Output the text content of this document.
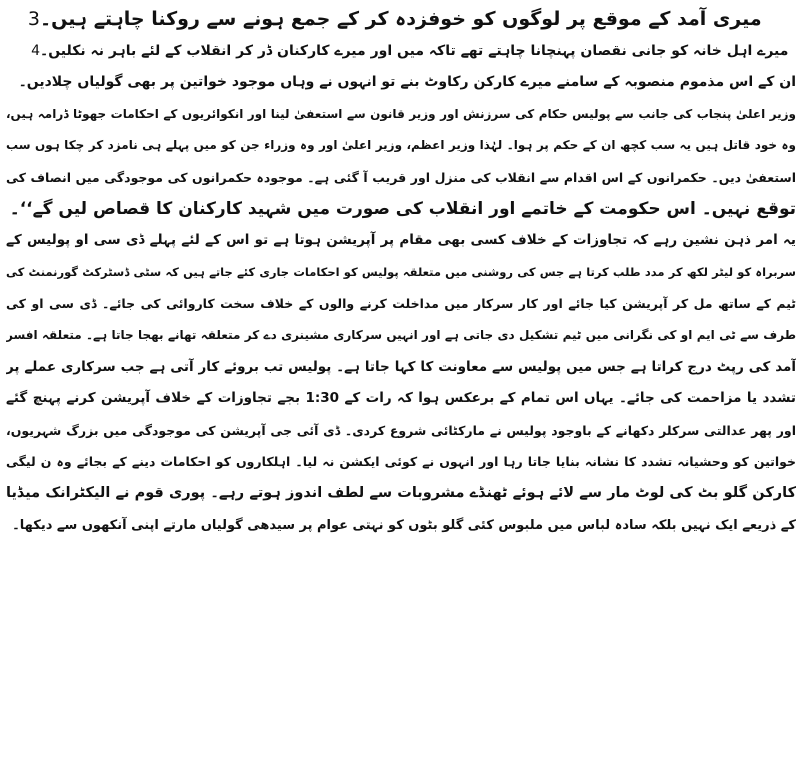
3میری آمد کے موقع پر لوگوں کو خوفزدہ کر کے جمع ہونے سے روکنا چاہتے ہیں۔
4میرے اہل خانہ کو جانی نقصان پہنچانا چاہتے تھے تاکہ میں اور میرے کارکنان ڈر کر انقلاب کے لئے باہر نہ نکلیں۔
ان کے اس مذموم منصوبہ کے سامنے میرے کارکن رکاوٹ بنے تو انہوں نے وہاں موجود خواتین پر بھی گولیاں چلادیں۔
وزیر اعلیٰ پنجاب کی جانب سے پولیس حکام کی سرزنش اور وزیر قانون سے استعفیٰ لینا اور انکوائریوں کے احکامات جھوٹا ڈرامہ ہیں،
وہ خود قاتل ہیں یہ سب کچھ ان کے حکم پر ہوا۔ لہٰذا وزیر اعظم، وزیر اعلیٰ اور وہ وزراء جن کو میں پہلے ہی نامزد کر چکا ہوں سب
استعفیٰ دیں۔ حکمرانوں کے اس اقدام سے انقلاب کی منزل اور قریب آ گئی ہے۔ موجودہ حکمرانوں کی موجودگی میں انصاف کی
توقع نہیں۔ اس حکومت کے خاتمے اور انقلاب کی صورت میں شہید کارکنان کا قصاص لیں گے‘‘۔
یہ امر ذہن نشین رہے کہ تجاوزات کے خلاف کسی بھی مقام پر آپریشن ہوتا ہے تو اس کے لئے پہلے ڈی سی او پولیس کے
سربراہ کو لیٹر لکھ کر مدد طلب کرتا ہے جس کی روشنی میں متعلقہ پولیس کو احکامات جاری کئے جاتے ہیں کہ سٹی ڈسٹرکٹ گورنمنٹ کی
ٹیم کے ساتھ مل کر آپریشن کیا جائے اور کار سرکار میں مداخلت کرنے والوں کے خلاف سخت کاروائی کی جائے۔ ڈی سی او کی
طرف سے ٹی ایم او کی نگرانی میں ٹیم تشکیل دی جاتی ہے اور انہیں سرکاری مشینری دے کر متعلقہ تھانے بھجا جاتا ہے۔ متعلقہ افسر
آمد کی رپٹ درج کراتا ہے جس میں پولیس سے معاونت کا کہا جاتا ہے۔ پولیس تب بروئے کار آتی ہے جب سرکاری عملے پر
تشدد یا مزاحمت کی جائے۔ یہاں اس تمام کے برعکس ہوا کہ رات کے 1:30 بجے تجاوزات کے خلاف آپریشن کرنے پہنچ گئے
اور پھر عدالتی سرکلر دکھانے کے باوجود پولیس نے مارکٹائی شروع کردی۔ ڈی آئی جی آپریشن کی موجودگی میں بزرگ شہریوں،
خواتین کو وحشیانہ تشدد کا نشانہ بنایا جاتا رہا اور انہوں نے کوئی ایکشن نہ لیا۔ اہلکاروں کو احکامات دینے کے بجائے وہ ن لیگی
کارکن گلو بٹ کی لوٹ مار سے لائے ہوئے ٹھنڈے مشروبات سے لطف اندوز ہوتے رہے۔ پوری قوم نے الیکٹرانک میڈیا
کے ذریعے ایک نہیں بلکہ سادہ لباس میں ملبوس کئی گلو بٹوں کو نہتی عوام پر سیدھی گولیاں مارتے اپنی آنکھوں سے دیکھا۔
